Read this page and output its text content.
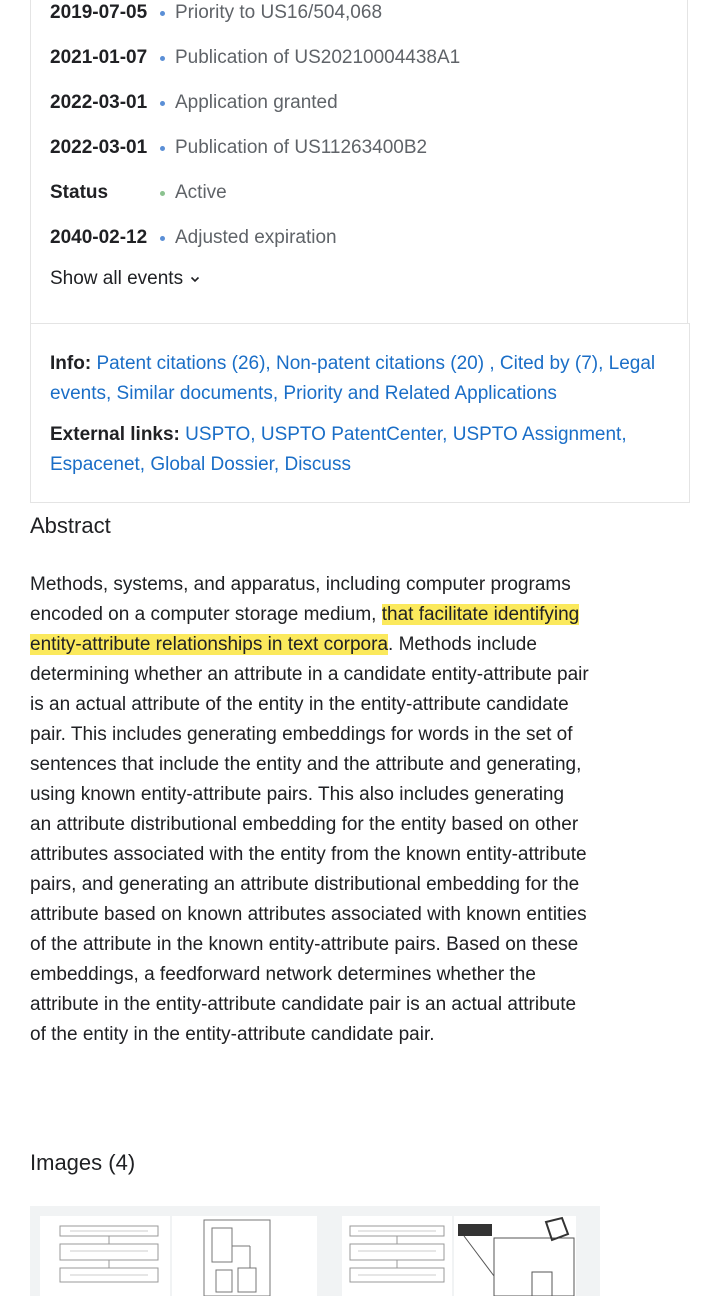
2019-07-05	Priority to US16/504,068
2021-01-07	Publication of US20210004438A1
2022-03-01	Application granted
2022-03-01	Publication of US11263400B2
Status	Active
2040-02-12	Adjusted expiration
Show all events
Info: Patent citations (26), Non-patent citations (20) , Cited by (7), Legal events, Similar documents, Priority and Related Applications
External links: USPTO, USPTO PatentCenter, USPTO Assignment, Espacenet, Global Dossier, Discuss
Abstract

Methods, systems, and apparatus, including computer programs encoded on a computer storage medium, that facilitate identifying entity-attribute relationships in text corpora. Methods include determining whether an attribute in a candidate entity-attribute pair is an actual attribute of the entity in the entity-attribute candidate pair. This includes generating embeddings for words in the set of sentences that include the entity and the attribute and generating, using known entity-attribute pairs. This also includes generating an attribute distributional embedding for the entity based on other attributes associated with the entity from the known entity-attribute pairs, and generating an attribute distributional embedding for the attribute based on known attributes associated with known entities of the attribute in the known entity-attribute pairs. Based on these embeddings, a feedforward network determines whether the attribute in the entity-attribute candidate pair is an actual attribute of the entity in the entity-attribute candidate pair.

Images (4)
